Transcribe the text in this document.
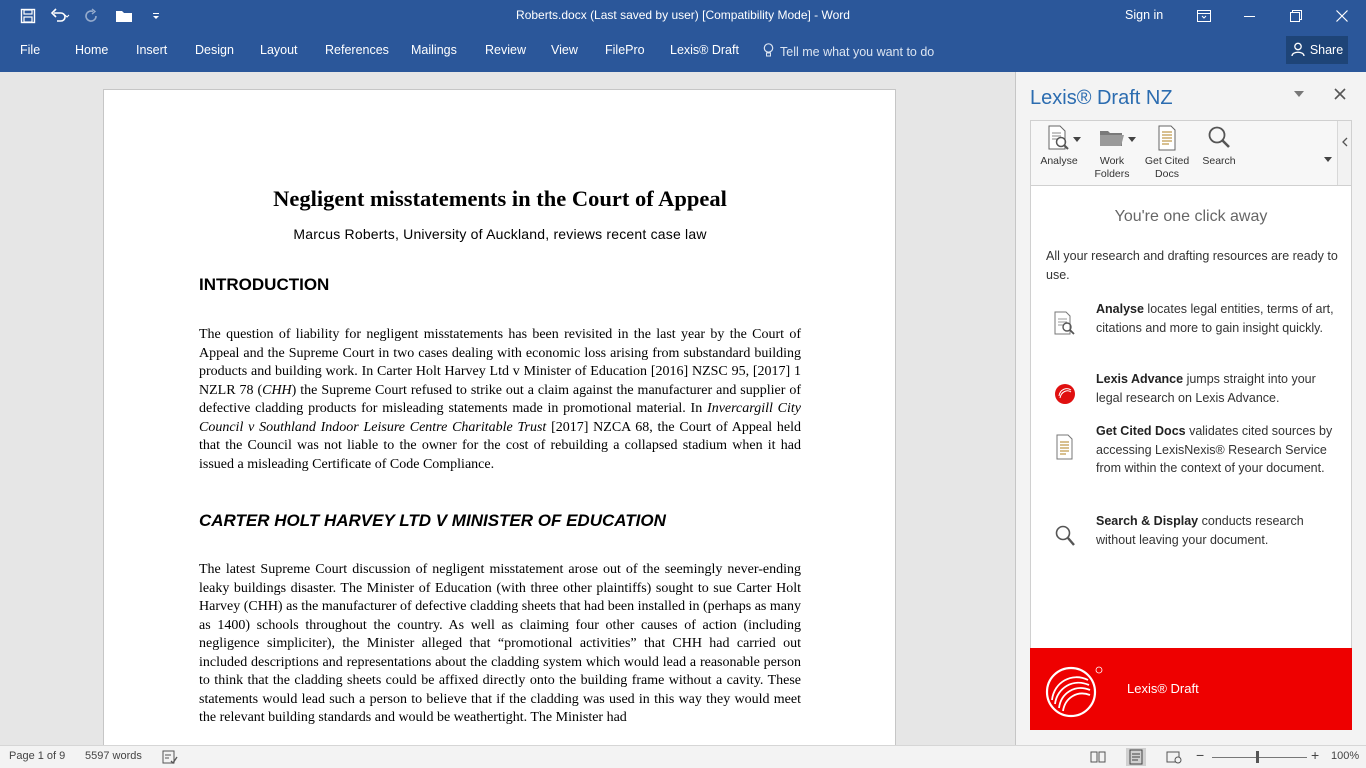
Roberts.docx (Last saved by user) [Compatibility Mode] - Word	Sign in
File	Home Insert Design Layout References Mailings Review View FilePro Lexis® Draft	Tell me what you want to do	Share
Negligent misstatements in the Court of Appeal
Marcus Roberts, University of Auckland, reviews recent case law
INTRODUCTION
The question of liability for negligent misstatements has been revisited in the last year by the Court of Appeal and the Supreme Court in two cases dealing with economic loss arising from substandard building products and building work. In Carter Holt Harvey Ltd v Minister of Education [2016] NZSC 95, [2017] 1 NZLR 78 (CHH) the Supreme Court refused to strike out a claim against the manufacturer and supplier of defective cladding products for misleading statements made in promotional material. In Invercargill City Council v Southland Indoor Leisure Centre Charitable Trust [2017] NZCA 68, the Court of Appeal held that the Council was not liable to the owner for the cost of rebuilding a collapsed stadium when it had issued a misleading Certificate of Code Compliance.
CARTER HOLT HARVEY LTD V MINISTER OF EDUCATION
The latest Supreme Court discussion of negligent misstatement arose out of the seemingly never-ending leaky buildings disaster. The Minister of Education (with three other plaintiffs) sought to sue Carter Holt Harvey (CHH) as the manufacturer of defective cladding sheets that had been installed in (perhaps as many as 1400) schools throughout the country. As well as claiming four other causes of action (including negligence simpliciter), the Minister alleged that “promotional activities” that CHH had carried out included descriptions and representations about the cladding system which would lead a reasonable person to think that the cladding sheets could be affixed directly onto the building frame without a cavity. These statements would lead such a person to believe that if the cladding was used in this way they would meet the relevant building standards and would be weathertight. The Minister had
Lexis® Draft NZ
Analyse	Work Folders
Get Cited Docs
Search
You're one click away
All your research and drafting resources are ready to use.
Analyse locates legal entities, terms of art, citations and more to gain insight quickly.
Lexis Advance jumps straight into your legal research on Lexis Advance.
Get Cited Docs validates cited sources by accessing LexisNexis® Research Service from within the context of your document.
Search & Display conducts research without leaving your document.
Lexis® Draft
Page 1 of 9 5597 words	−	+ 100%
